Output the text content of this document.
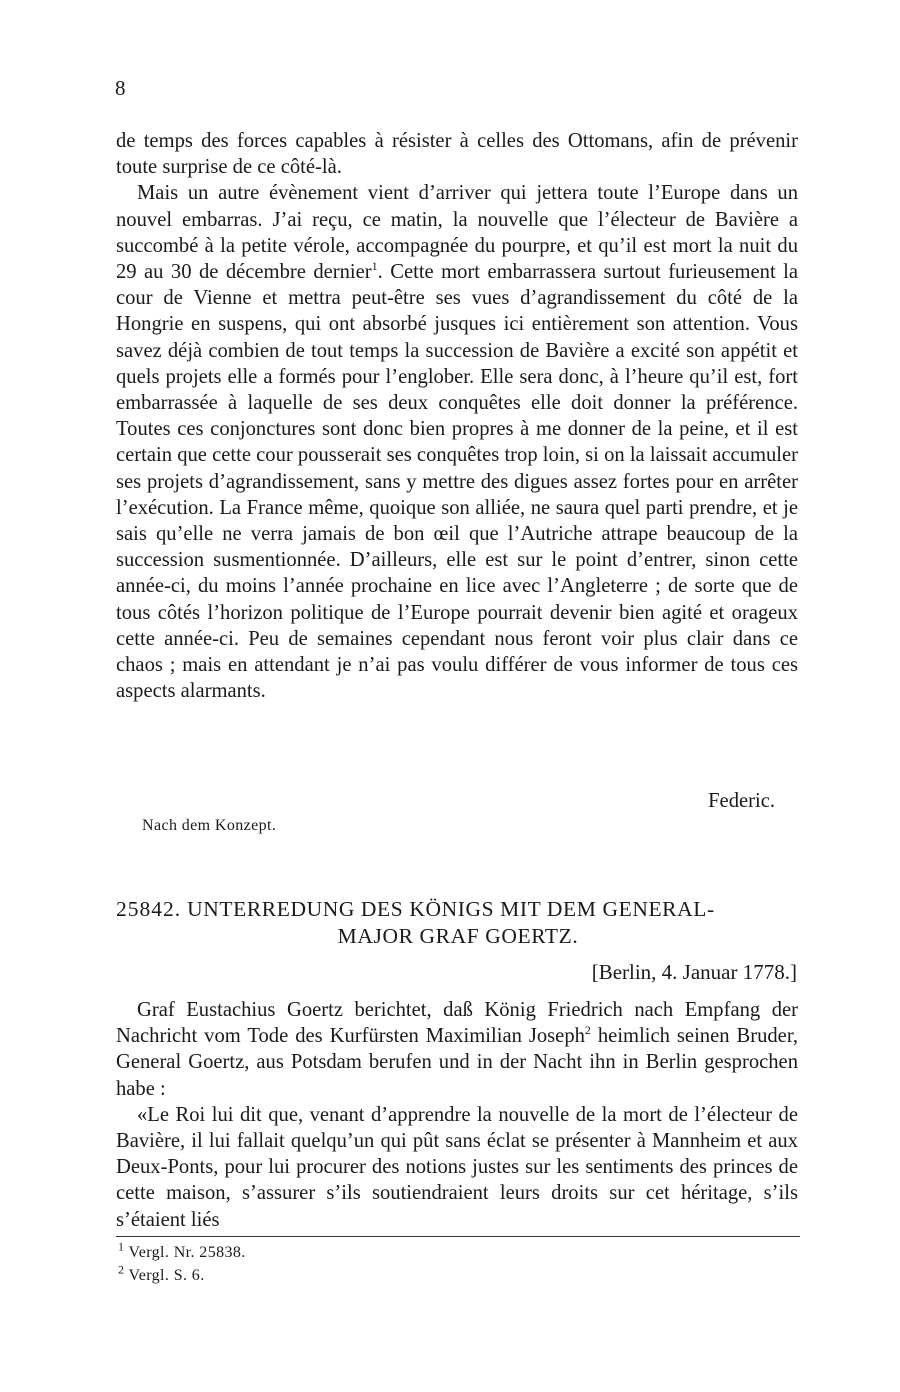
8

de temps des forces capables à résister à celles des Ottomans, afin de prévenir toute surprise de ce côté-là.

Mais un autre évènement vient d’arriver qui jettera toute l’Europe dans un nouvel embarras. J’ai reçu, ce matin, la nouvelle que l’électeur de Bavière a succombé à la petite vérole, accompagnée du pourpre, et qu’il est mort la nuit du 29 au 30 de décembre dernier$^1$. Cette mort embarrassera surtout furieusement la cour de Vienne et mettra peut-être ses vues d’agrandissement du côté de la Hongrie en suspens, qui ont absorbé jusques ici entièrement son attention. Vous savez déjà combien de tout temps la succession de Bavière a excité son appétit et quels projets elle a formés pour l’englober. Elle sera donc, à l’heure qu’il est, fort embarrassée à laquelle de ses deux conquêtes elle doit donner la préférence. Toutes ces conjonctures sont donc bien propres à me donner de la peine, et il est certain que cette cour pousserait ses conquêtes trop loin, si on la laissait accumuler ses projets d’agrandissement, sans y mettre des digues assez fortes pour en arrêter l’exécution. La France même, quoique son alliée, ne saura quel parti prendre, et je sais qu’elle ne verra jamais de bon œil que l’Autriche attrape beaucoup de la succession susmentionnée. D’ailleurs, elle est sur le point d’entrer, sinon cette année-ci, du moins l’année prochaine en lice avec l’Angleterre ; de sorte que de tous côtés l’horizon politique de l’Europe pourrait devenir bien agité et orageux cette année-ci. Peu de semaines cependant nous feront voir plus clair dans ce chaos ; mais en attendant je n’ai pas voulu différer de vous informer de tous ces aspects alarmants.

Federic.
Nach dem Konzept.
25842. UNTERREDUNG DES KÖNIGS MIT DEM GENERAL-
MAJOR GRAF GOERTZ.
[Berlin, 4. Januar 1778.]

Graf Eustachius Goertz berichtet, daß König Friedrich nach Empfang der Nachricht vom Tode des Kurfürsten Maximilian Joseph$^2$ heimlich seinen Bruder, General Goertz, aus Potsdam berufen und in der Nacht ihn in Berlin gesprochen habe :

«Le Roi lui dit que, venant d’apprendre la nouvelle de la mort de l’électeur de Bavière, il lui fallait quelqu’un qui pût sans éclat se présenter à Mannheim et aux Deux-Ponts, pour lui procurer des notions justes sur les sentiments des princes de cette maison, s’assurer s’ils soutiendraient leurs droits sur cet héritage, s’ils s’étaient liés

$^1$ Vergl. Nr. 25838.
$^2$ Vergl. S. 6.
